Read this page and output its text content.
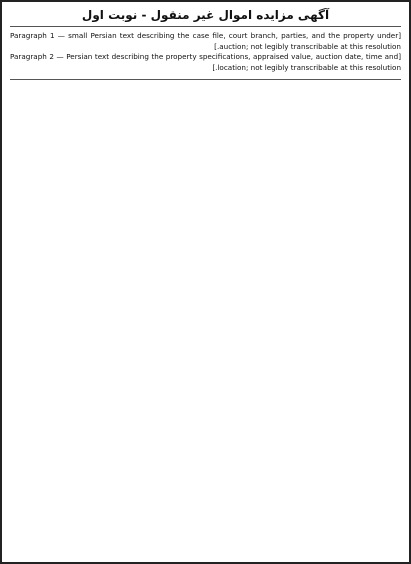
آگهی مزایده اموال غیر منقول - نوبت اول

[Paragraph 1 — small Persian text describing the case file, court branch, parties, and the property under auction; not legibly transcribable at this resolution.]

[Paragraph 2 — Persian text describing the property specifications, appraised value, auction date, time and location; not legibly transcribable at this resolution.]
